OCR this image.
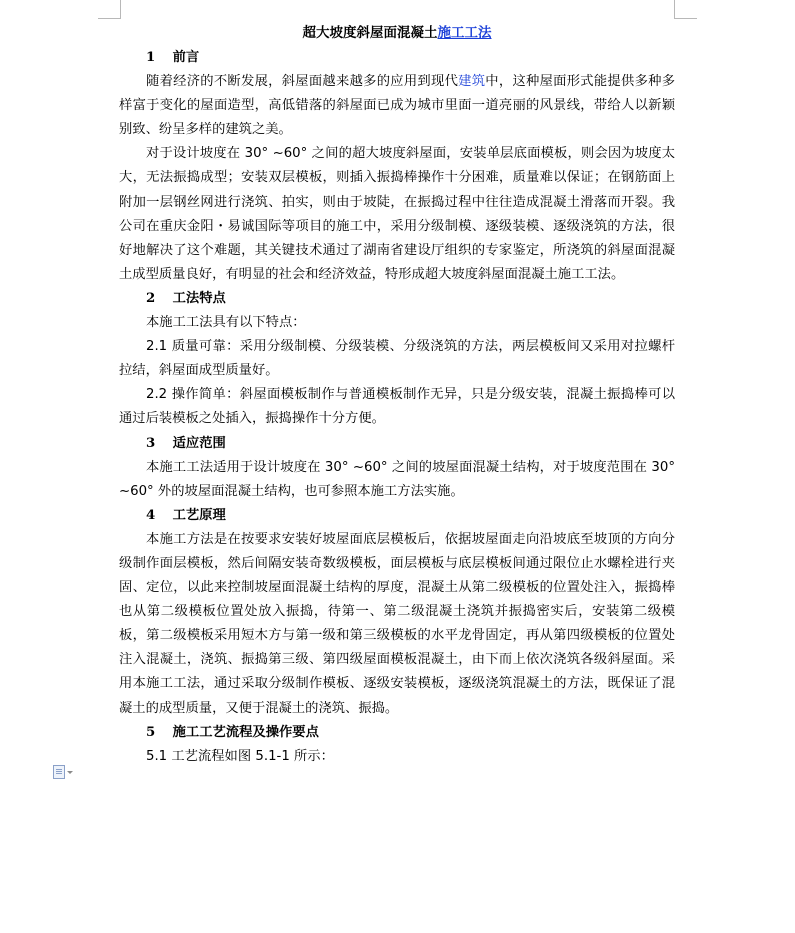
超大坡度斜屋面混凝土施工工法
1 前言

随着经济的不断发展，斜屋面越来越多的应用到现代建筑中，这种屋面形式能提供多种多样富于变化的屋面造型，高低错落的斜屋面已成为城市里面一道亮丽的风景线，带给人以新颖别致、纷呈多样的建筑之美。

对于设计坡度在 30° ~60° 之间的超大坡度斜屋面，安装单层底面模板，则会因为坡度太大，无法振捣成型；安装双层模板，则插入振捣棒操作十分困难，质量难以保证；在钢筋面上附加一层钢丝网进行浇筑、拍实，则由于坡陡，在振捣过程中往往造成混凝土滑落而开裂。我公司在重庆金阳・易诚国际等项目的施工中，采用分级制模、逐级装模、逐级浇筑的方法，很好地解决了这个难题，其关键技术通过了湖南省建设厅组织的专家鉴定，所浇筑的斜屋面混凝土成型质量良好，有明显的社会和经济效益，特形成超大坡度斜屋面混凝土施工工法。

2 工法特点

本施工工法具有以下特点：

2.1 质量可靠：采用分级制模、分级装模、分级浇筑的方法，两层模板间又采用对拉螺杆拉结，斜屋面成型质量好。

2.2 操作简单：斜屋面模板制作与普通模板制作无异，只是分级安装，混凝土振捣棒可以通过后装模板之处插入，振捣操作十分方便。

3 适应范围

本施工工法适用于设计坡度在 30° ~60° 之间的坡屋面混凝土结构，对于坡度范围在 30° ~60° 外的坡屋面混凝土结构，也可参照本施工方法实施。

4 工艺原理

本施工方法是在按要求安装好坡屋面底层模板后，依据坡屋面走向沿坡底至坡顶的方向分级制作面层模板，然后间隔安装奇数级模板，面层模板与底层模板间通过限位止水螺栓进行夹固、定位，以此来控制坡屋面混凝土结构的厚度，混凝土从第二级模板的位置处注入，振捣棒也从第二级模板位置处放入振捣，待第一、第二级混凝土浇筑并振捣密实后，安装第二级模板，第二级模板采用短木方与第一级和第三级模板的水平龙骨固定，再从第四级模板的位置处注入混凝土，浇筑、振捣第三级、第四级屋面模板混凝土，由下而上依次浇筑各级斜屋面。采用本施工工法，通过采取分级制作模板、逐级安装模板，逐级浇筑混凝土的方法，既保证了混凝土的成型质量，又便于混凝土的浇筑、振捣。

5 施工工艺流程及操作要点

5.1 工艺流程如图 5.1-1 所示：
